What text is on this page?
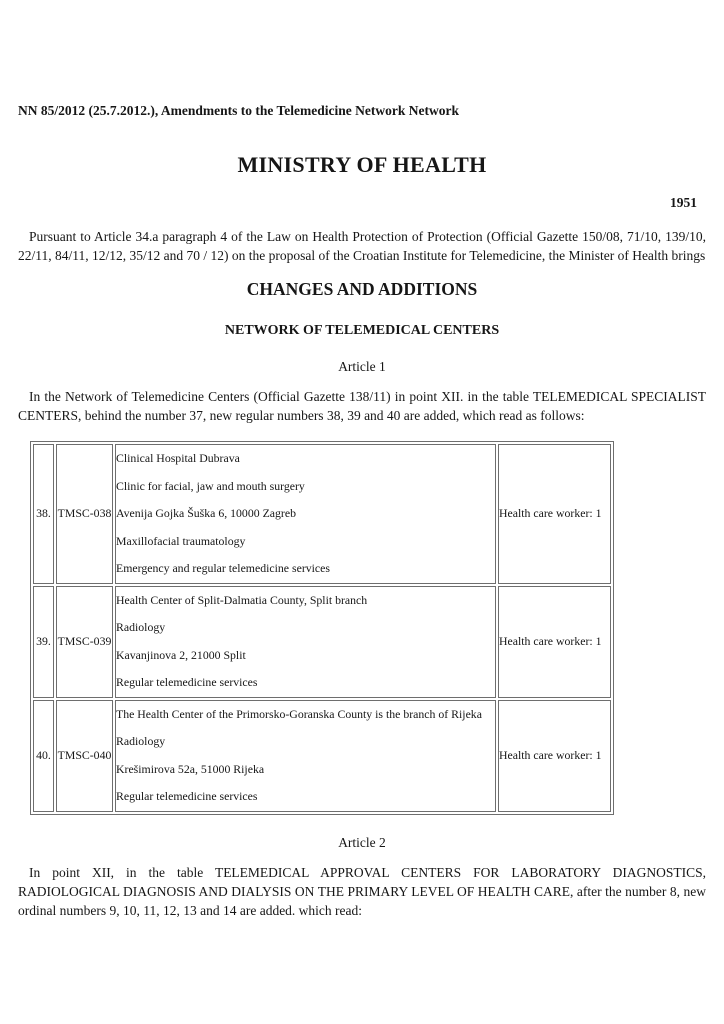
NN 85/2012 (25.7.2012.), Amendments to the Telemedicine Network Network
MINISTRY OF HEALTH
1951

Pursuant to Article 34.a paragraph 4 of the Law on Health Protection of Protection (Official Gazette 150/08, 71/10, 139/10, 22/11, 84/11, 12/12, 35/12 and 70 / 12) on the proposal of the Croatian Institute for Telemedicine, the Minister of Health brings

CHANGES AND ADDITIONS
NETWORK OF TELEMEDICAL CENTERS
Article 1

In the Network of Telemedicine Centers (Official Gazette 138/11) in point XII. in the table TELEMEDICAL SPECIALIST CENTERS, behind the number 37, new regular numbers 38, 39 and 40 are added, which read as follows:

38.	TMSC-038	Clinical Hospital Dubrava
Clinic for facial, jaw and mouth surgery
Avenija Gojka Šuška 6, 10000 Zagreb
Maxillofacial traumatology
Emergency and regular telemedicine services	Health care worker: 1
39.	TMSC-039	Health Center of Split-Dalmatia County, Split branch
Radiology
Kavanjinova 2, 21000 Split
Regular telemedicine services	Health care worker: 1
40.	TMSC-040	The Health Center of the Primorsko-Goranska County is the branch of Rijeka
Radiology
Krešimirova 52a, 51000 Rijeka
Regular telemedicine services	Health care worker: 1
Article 2

In point XII, in the table TELEMEDICAL APPROVAL CENTERS FOR LABORATORY DIAGNOSTICS, RADIOLOGICAL DIAGNOSIS AND DIALYSIS ON THE PRIMARY LEVEL OF HEALTH CARE, after the number 8, new ordinal numbers 9, 10, 11, 12, 13 and 14 are added. which read:
